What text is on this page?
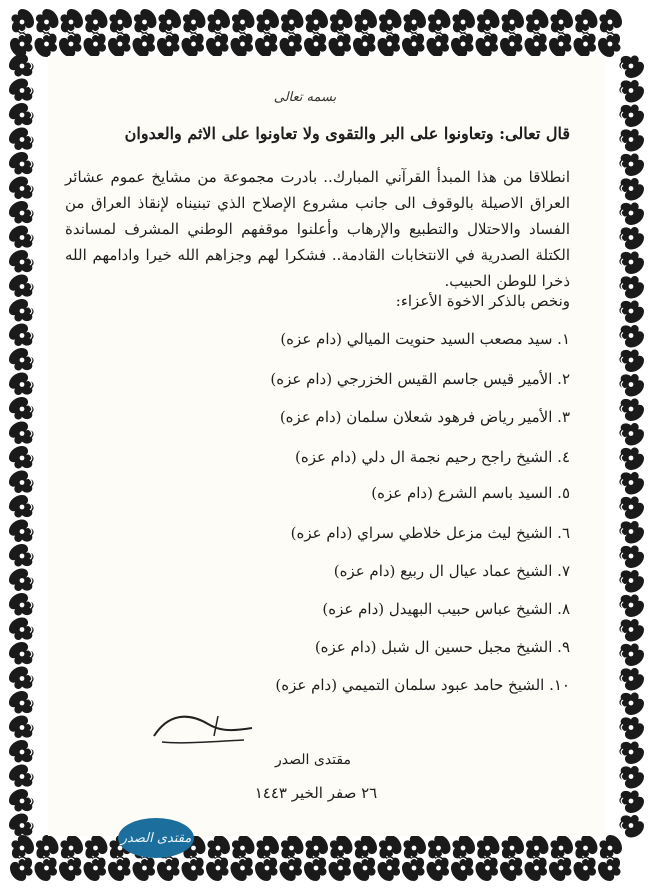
بسمه تعالى
قال تعالى: وتعاونوا على البر والتقوى ولا تعاونوا على الاثم والعدوان
انطلاقا من هذا المبدأ القرآني المبارك.. بادرت مجموعة من مشايخ عموم عشائر العراق الاصيلة بالوقوف الى جانب مشروع الإصلاح الذي تبنيناه لإنقاذ العراق من الفساد والاحتلال والتطبيع والإرهاب وأعلنوا موقفهم الوطني المشرف لمساندة الكتلة الصدرية في الانتخابات القادمة.. فشكرا لهم وجزاهم الله خيرا وادامهم الله ذخرا للوطن الحبيب.
ونخص بالذكر الاخوة الأعزاء:
١. سيد مصعب السيد حنويت الميالي (دام عزه)
٢. الأمير قيس جاسم القيس الخزرجي (دام عزه)
٣. الأمير رياض فرهود شعلان سلمان (دام عزه)
٤. الشيخ راجح رحيم نجمة ال دلي (دام عزه)
٥. السيد باسم الشرع (دام عزه)
٦. الشيخ ليث مزعل خلاطي سراي (دام عزه)
٧. الشيخ عماد عيال ال ربيع (دام عزه)
٨. الشيخ عباس حبيب البهيدل (دام عزه)
٩. الشيخ مجبل حسين ال شبل (دام عزه)
١٠. الشيخ حامد عبود سلمان التميمي (دام عزه)
مقتدى الصدر
٢٦ صفر الخير ١٤٤٣
مقتدى الصدر
